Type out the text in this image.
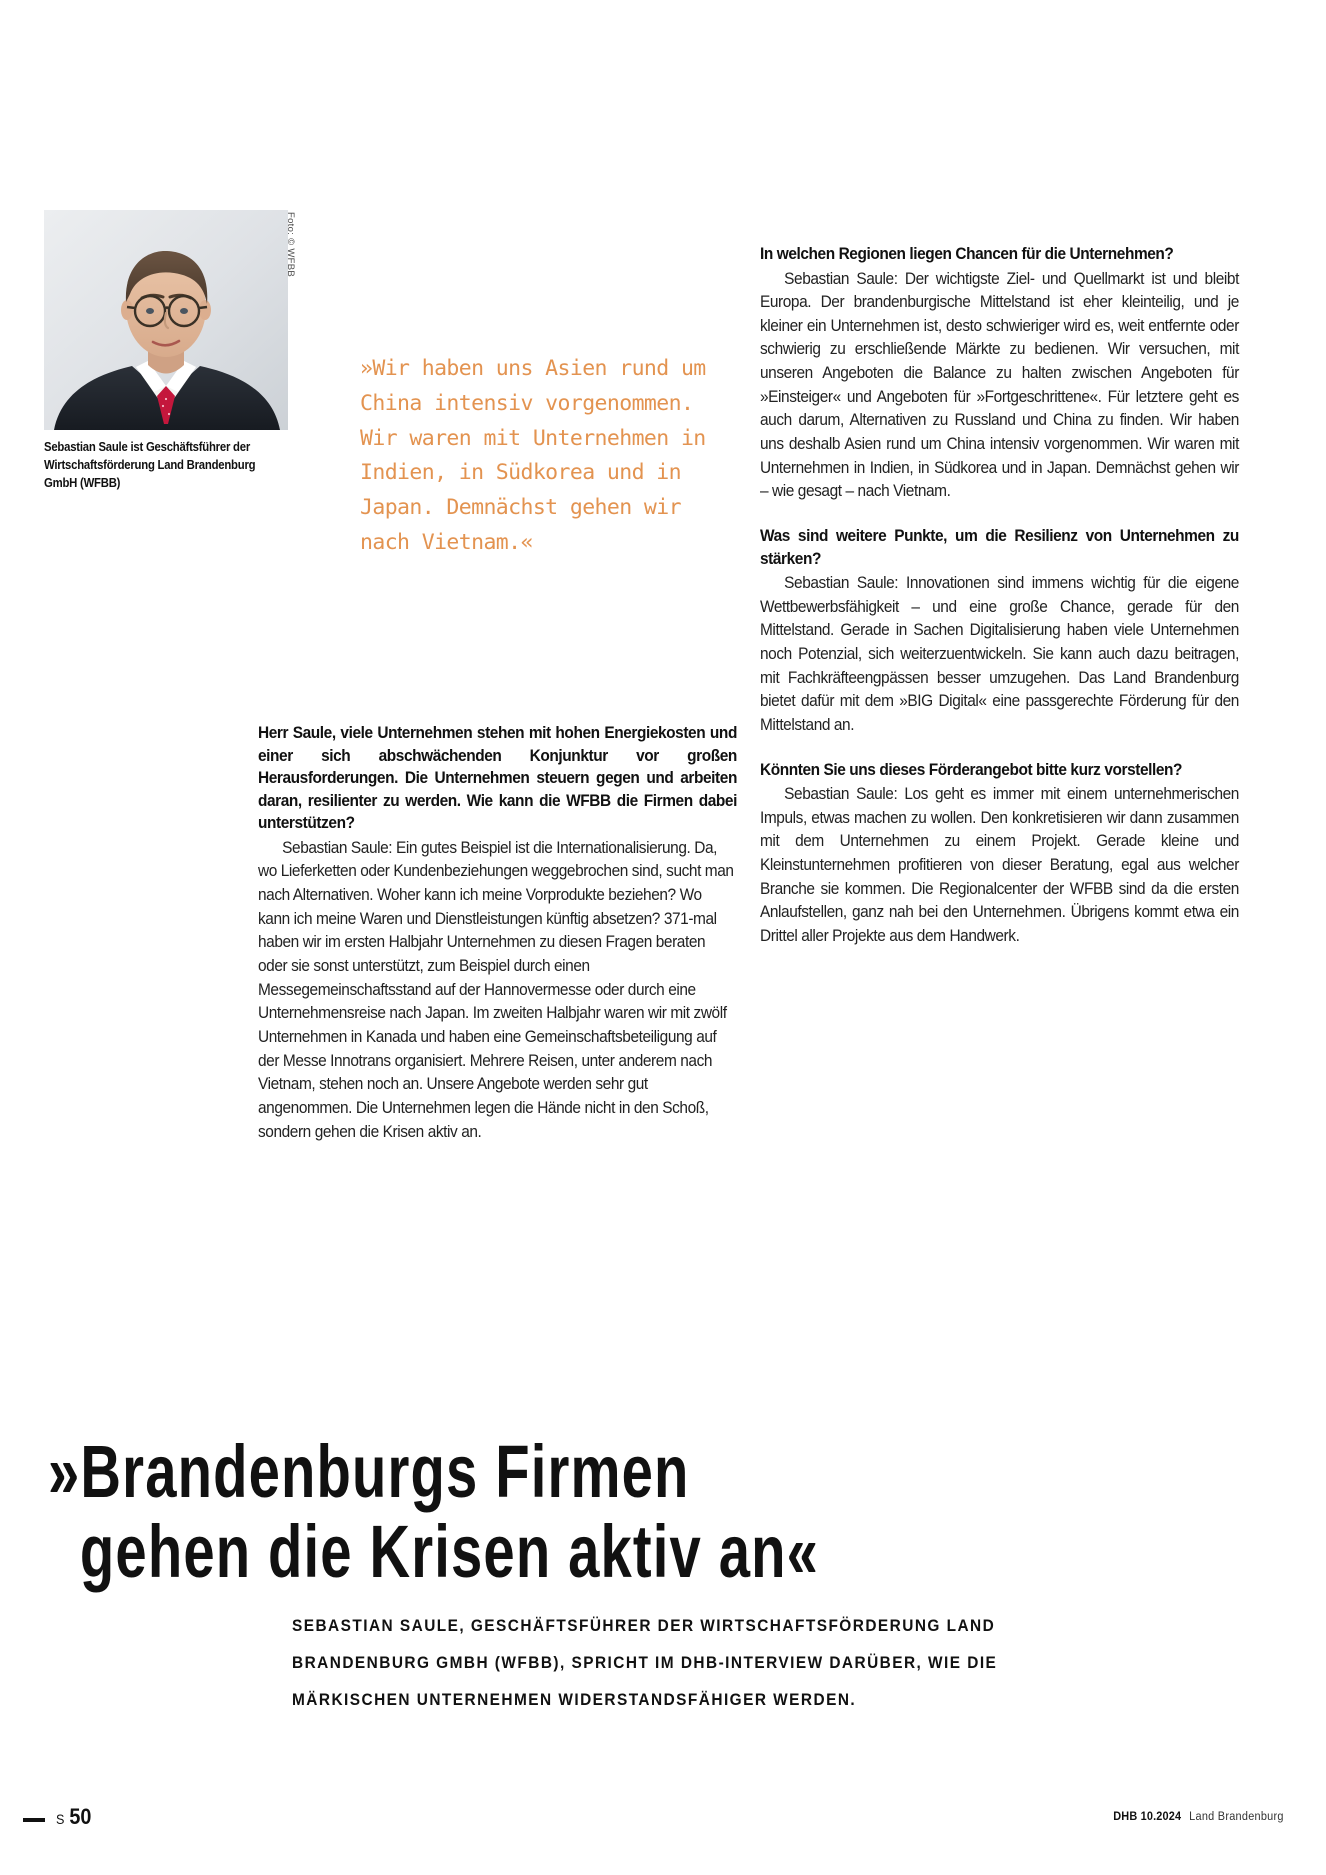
Foto: © WFBB
Sebastian Saule ist Geschäftsführer der Wirtschaftsförderung Land Brandenburg GmbH (WFBB)
»Wir haben uns Asien rund um China intensiv vorgenommen. Wir waren mit Unternehmen in Indien, in Südkorea und in Japan. Demnächst gehen wir nach Vietnam.«

Herr Saule, viele Unternehmen stehen mit hohen Energiekosten und einer sich abschwächenden Konjunktur vor großen Herausforderungen. Die Unternehmen steuern gegen und arbeiten daran, resilienter zu werden. Wie kann die WFBB die Firmen dabei unterstützen?

Sebastian Saule: Ein gutes Beispiel ist die Internationalisierung. Da, wo Lieferketten oder Kundenbeziehungen weggebrochen sind, sucht man nach Alternativen. Woher kann ich meine Vorprodukte beziehen? Wo kann ich meine Waren und Dienstleistungen künftig absetzen? 371-mal haben wir im ersten Halbjahr Unternehmen zu diesen Fragen beraten oder sie sonst unterstützt, zum Beispiel durch einen Messegemeinschaftsstand auf der Hannovermesse oder durch eine Unternehmensreise nach Japan. Im zweiten Halbjahr waren wir mit zwölf Unternehmen in Kanada und haben eine Gemeinschaftsbeteiligung auf der Messe Innotrans organisiert. Mehrere Reisen, unter anderem nach Vietnam, stehen noch an. Unsere Angebote werden sehr gut angenommen. Die Unternehmen legen die Hände nicht in den Schoß, sondern gehen die Krisen aktiv an.

In welchen Regionen liegen Chancen für die Unternehmen?

Sebastian Saule: Der wichtigste Ziel- und Quellmarkt ist und bleibt Europa. Der brandenburgische Mittelstand ist eher kleinteilig, und je kleiner ein Unternehmen ist, desto schwieriger wird es, weit entfernte oder schwierig zu erschließende Märkte zu bedienen. Wir versuchen, mit unseren Angeboten die Balance zu halten zwischen Angeboten für »Einsteiger« und Angeboten für »Fortgeschrittene«. Für letztere geht es auch darum, Alternativen zu Russland und China zu finden. Wir haben uns deshalb Asien rund um China intensiv vorgenommen. Wir waren mit Unternehmen in Indien, in Südkorea und in Japan. Demnächst gehen wir – wie gesagt – nach Vietnam.

Was sind weitere Punkte, um die Resilienz von Unternehmen zu stärken?

Sebastian Saule: Innovationen sind immens wichtig für die eigene Wettbewerbsfähigkeit – und eine große Chance, gerade für den Mittelstand. Gerade in Sachen Digitalisierung haben viele Unternehmen noch Potenzial, sich weiterzuentwickeln. Sie kann auch dazu beitragen, mit Fachkräfteengpässen besser umzugehen. Das Land Brandenburg bietet dafür mit dem »BIG Digital« eine passgerechte Förderung für den Mittelstand an.

Könnten Sie uns dieses Förderangebot bitte kurz vorstellen?

Sebastian Saule: Los geht es immer mit einem unternehmerischen Impuls, etwas machen zu wollen. Den konkretisieren wir dann zusammen mit dem Unternehmen zu einem Projekt. Gerade kleine und Kleinstunternehmen profitieren von dieser Beratung, egal aus welcher Branche sie kommen. Die Regionalcenter der WFBB sind da die ersten Anlaufstellen, ganz nah bei den Unternehmen. Übrigens kommt etwa ein Drittel aller Projekte aus dem Handwerk.

»Brandenburgs Firmen
gehen die Krisen aktiv an«
SEBASTIAN SAULE, GESCHÄFTSFÜHRER DER WIRTSCHAFTSFÖRDERUNG LAND BRANDENBURG GMBH (WFBB), SPRICHT IM DHB-INTERVIEW DARÜBER, WIE DIE MÄRKISCHEN UNTERNEHMEN WIDERSTANDSFÄHIGER WERDEN.
S 50	DHB 10.2024 Land Brandenburg
